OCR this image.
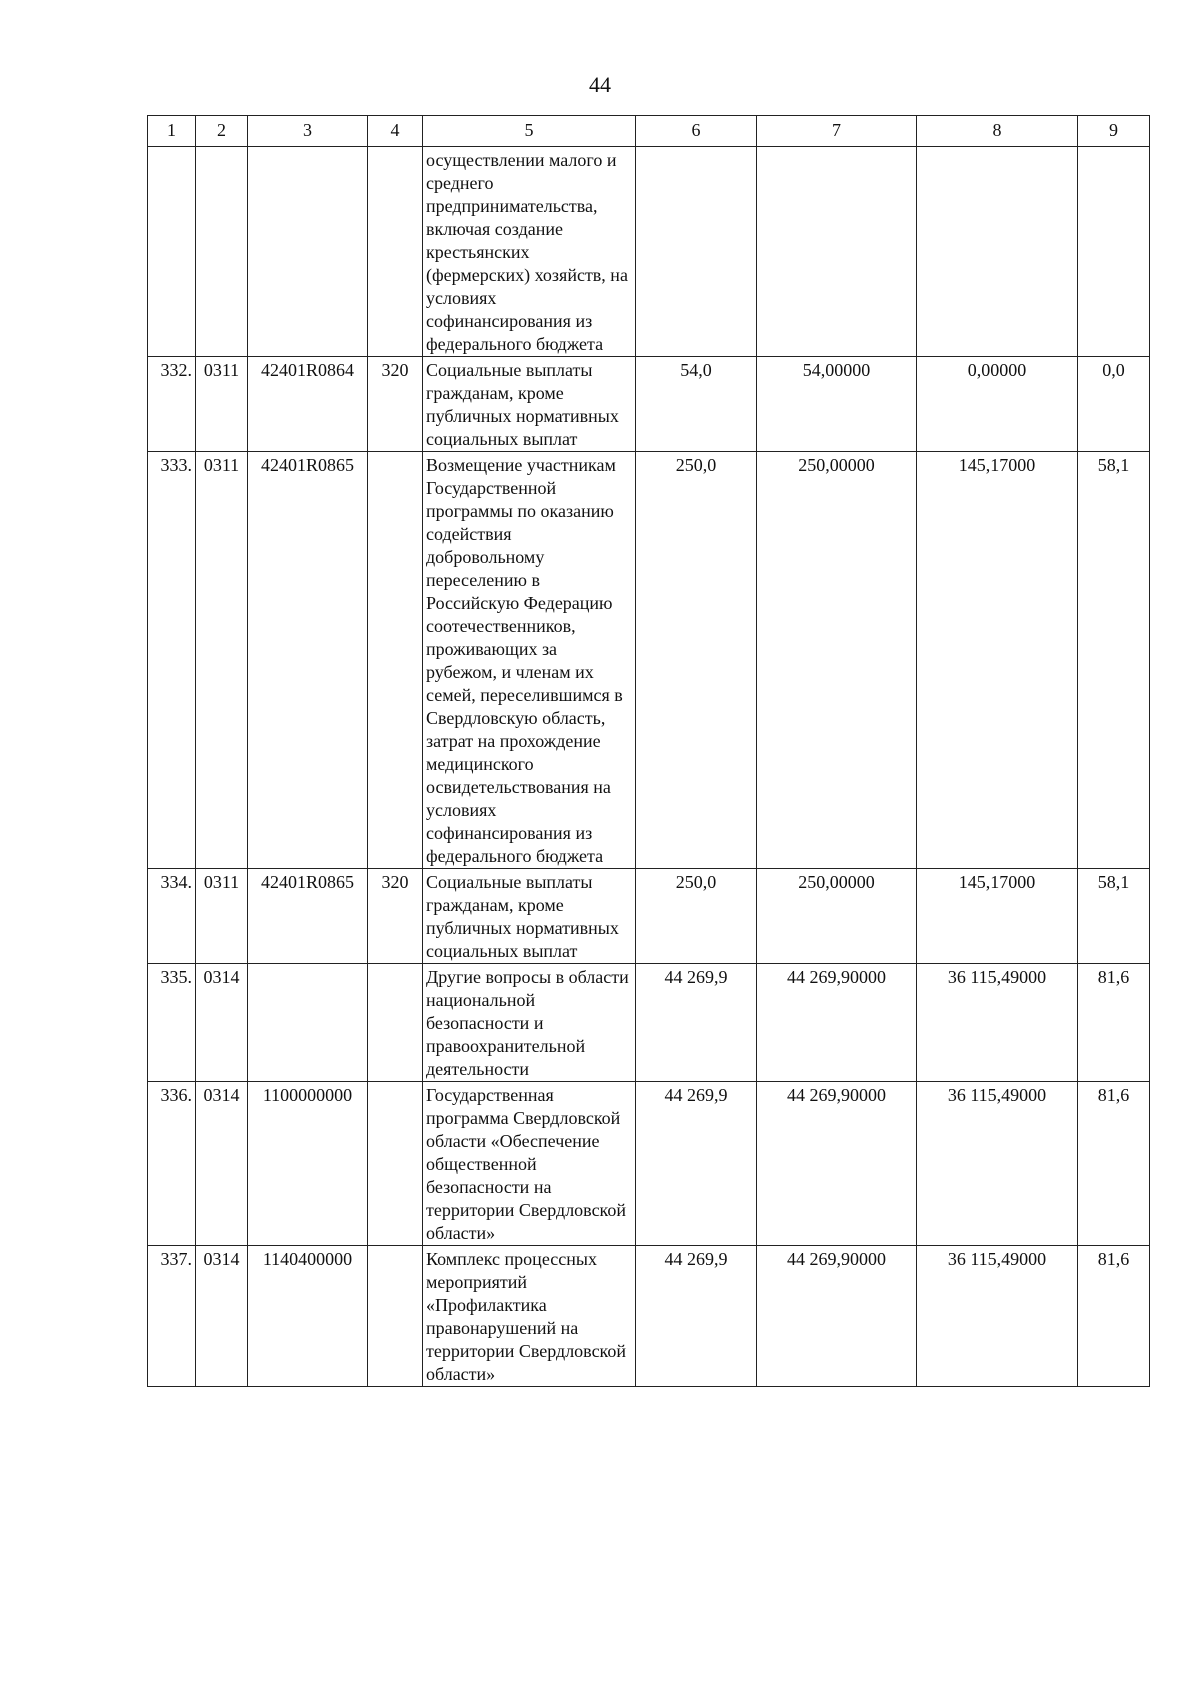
44
1	2	3	4	5	6	7	8	9
				осуществлении малого и среднего предпринимательства, включая создание крестьянских (фермерских) хозяйств, на условиях софинансирования из федерального бюджета				
332.	0311	42401R0864	320	Социальные выплаты гражданам, кроме публичных нормативных социальных выплат	54,0	54,00000	0,00000	0,0
333.	0311	42401R0865		Возмещение участникам Государственной программы по оказанию содействия добровольному переселению в Российскую Федерацию соотечественников, проживающих за рубежом, и членам их семей, переселившимся в Свердловскую область, затрат на прохождение медицинского освидетельствования на условиях софинансирования из федерального бюджета	250,0	250,00000	145,17000	58,1
334.	0311	42401R0865	320	Социальные выплаты гражданам, кроме публичных нормативных социальных выплат	250,0	250,00000	145,17000	58,1
335.	0314			Другие вопросы в области национальной безопасности и правоохранительной деятельности	44 269,9	44 269,90000	36 115,49000	81,6
336.	0314	1100000000		Государственная программа Свердловской области «Обеспечение общественной безопасности на территории Свердловской области»	44 269,9	44 269,90000	36 115,49000	81,6
337.	0314	1140400000		Комплекс процессных мероприятий «Профилактика правонарушений на территории Свердловской области»	44 269,9	44 269,90000	36 115,49000	81,6
